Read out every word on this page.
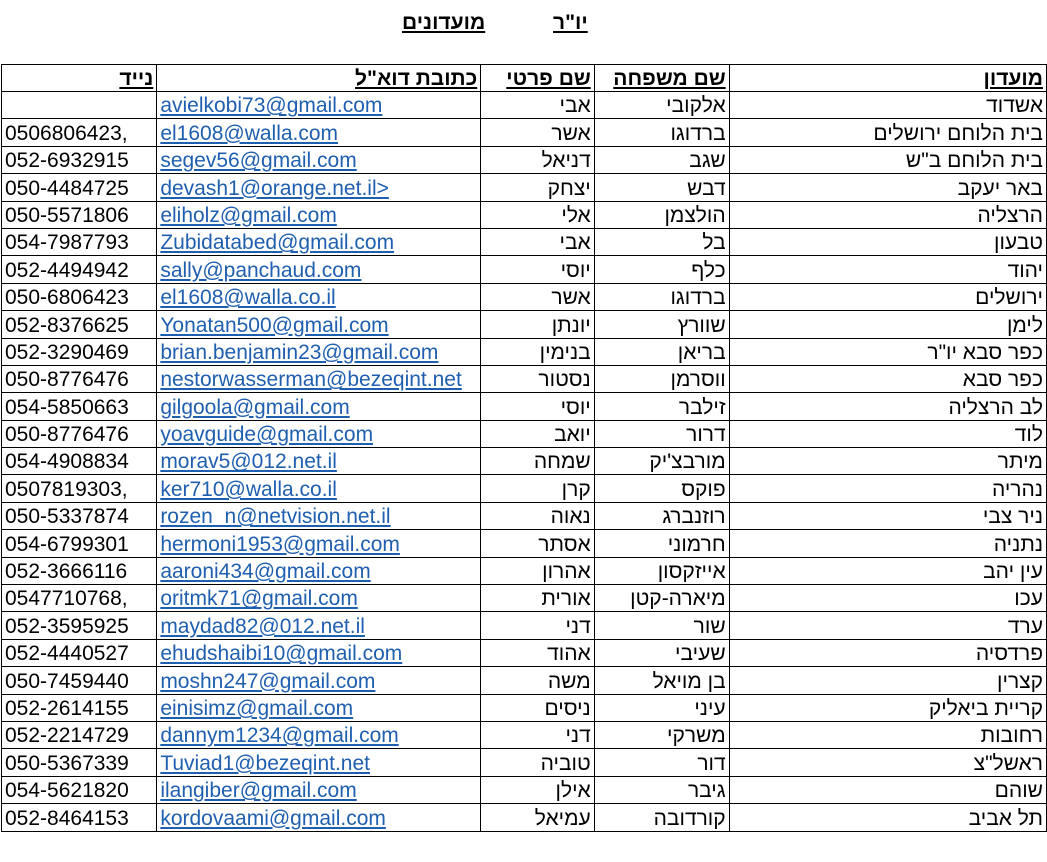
יו"ר
מועדונים
נייד	כתובת דוא"ל	שם פרטי	שם משפחה	מועדון
	avielkobi73@gmail.com	אבי	אלקובי	אשדוד
0506806423,	el1608@walla.com	אשר	ברדוגו	בית הלוחם ירושלים
052-6932915	segev56@gmail.com	דניאל	שגב	בית הלוחם ב"ש
050-4484725	devash1@orange.net.il>	יצחק	דבש	באר יעקב
050-5571806	eliholz@gmail.com	אלי	הולצמן	הרצליה
054-7987793	Zubidatabed@gmail.com	אבי	בל	טבעון
052-4494942	sally@panchaud.com	יוסי	כלף	יהוד
050-6806423	el1608@walla.co.il	אשר	ברדוגו	ירושלים
052-8376625	Yonatan500@gmail.com	יונתן	שוורץ	לימן
052-3290469	brian.benjamin23@gmail.com	בנימין	בריאן	כפר סבא יו"ר
050-8776476	nestorwasserman@bezeqint.net	נסטור	ווסרמן	כפר סבא
054-5850663	gilgoola@gmail.com	יוסי	זילבר	לב הרצליה
050-8776476	yoavguide@gmail.com	יואב	דרור	לוד
054-4908834	morav5@012.net.il	שמחה	מורבצ'יק	מיתר
0507819303,	ker710@walla.co.il	קרן	פוקס	נהריה
050-5337874	rozen_n@netvision.net.il	נאוה	רוזנברג	ניר צבי
054-6799301	hermoni1953@gmail.com	אסתר	חרמוני	נתניה
052-3666116	aaroni434@gmail.com	אהרון	אייזקסון	עין יהב
0547710768,	oritmk71@gmail.com	אורית	מיארה-קטן	עכו
052-3595925	maydad82@012.net.il	דני	שור	ערד
052-4440527	ehudshaibi10@gmail.com	אהוד	שעיבי	פרדסיה
050-7459440	moshn247@gmail.com	משה	בן מויאל	קצרין
052-2614155	einisimz@gmail.com	ניסים	עיני	קריית ביאליק
052-2214729	dannym1234@gmail.com	דני	משרקי	רחובות
050-5367339	Tuviad1@bezeqint.net	טוביה	דור	ראשל"צ
054-5621820	ilangiber@gmail.com	אילן	גיבר	שוהם
052-8464153	kordovaami@gmail.com	עמיאל	קורדובה	תל אביב
